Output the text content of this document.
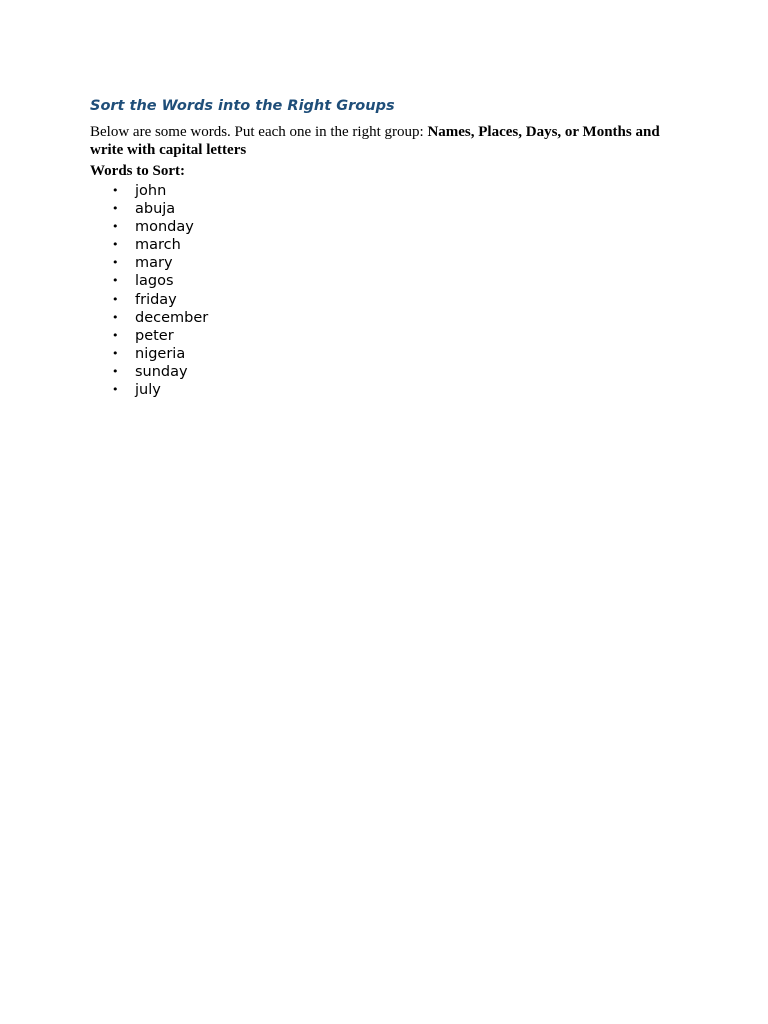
Sort the Words into the Right Groups

Below are some words. Put each one in the right group: Names, Places, Days, or Months and write with capital letters

Words to Sort:

• john
• abuja
• monday
• march
• mary
• lagos
• friday
• december
• peter
• nigeria
• sunday
• july
